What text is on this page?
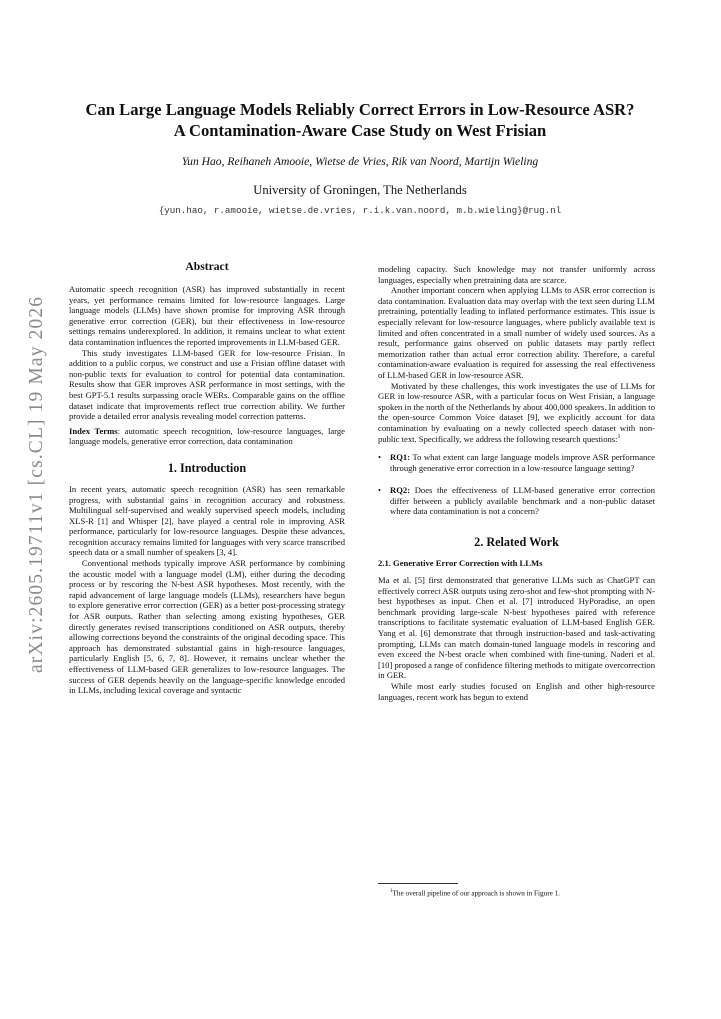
arXiv:2605.19711v1 [cs.CL] 19 May 2026
Can Large Language Models Reliably Correct Errors in Low-Resource ASR?
A Contamination-Aware Case Study on West Frisian
Yun Hao, Reihaneh Amooie, Wietse de Vries, Rik van Noord, Martijn Wieling
University of Groningen, The Netherlands
{yun.hao, r.amooie, wietse.de.vries, r.i.k.van.noord, m.b.wieling}@rug.nl
Abstract

Automatic speech recognition (ASR) has improved substantially in recent years, yet performance remains limited for low-resource languages. Large language models (LLMs) have shown promise for improving ASR through generative error correction (GER), but their effectiveness in low-resource settings remains underexplored. In addition, it remains unclear to what extent data contamination influences the reported improvements in LLM-based GER.

This study investigates LLM-based GER for low-resource Frisian. In addition to a public corpus, we construct and use a Frisian offline dataset with non-public texts for evaluation to control for potential data contamination. Results show that GER improves ASR performance in most settings, with the best GPT-5.1 results surpassing oracle WERs. Comparable gains on the offline dataset indicate that improvements reflect true correction ability. We further provide a detailed error analysis revealing model correction patterns.

Index Terms: automatic speech recognition, low-resource languages, large language models, generative error correction, data contamination

1. Introduction

In recent years, automatic speech recognition (ASR) has seen remarkable progress, with substantial gains in recognition accuracy and robustness. Multilingual self-supervised and weakly supervised speech models, including XLS-R [1] and Whisper [2], have played a central role in improving ASR performance, particularly for low-resource languages. Despite these advances, recognition accuracy remains limited for languages with very scarce transcribed speech data or a small number of speakers [3, 4].

Conventional methods typically improve ASR performance by combining the acoustic model with a language model (LM), either during the decoding process or by rescoring the N-best ASR hypotheses. Most recently, with the rapid advancement of large language models (LLMs), researchers have begun to explore generative error correction (GER) as a better post-processing strategy for ASR outputs. Rather than selecting among existing hypotheses, GER directly generates revised transcriptions conditioned on ASR outputs, thereby allowing corrections beyond the constraints of the original decoding space. This approach has demonstrated substantial gains in high-resource languages, particularly English [5, 6, 7, 8]. However, it remains unclear whether the effectiveness of LLM-based GER generalizes to low-resource languages. The success of GER depends heavily on the language-specific knowledge encoded in LLMs, including lexical coverage and syntactic

modeling capacity. Such knowledge may not transfer uniformly across languages, especially when pretraining data are scarce.

Another important concern when applying LLMs to ASR error correction is data contamination. Evaluation data may overlap with the text seen during LLM pretraining, potentially leading to inflated performance estimates. This issue is especially relevant for low-resource languages, where publicly available text is limited and often concentrated in a small number of widely used sources. As a result, performance gains observed on public datasets may partly reflect memorization rather than actual error correction ability. Therefore, a careful contamination-aware evaluation is required for assessing the real effectiveness of LLM-based GER in low-resource ASR.

Motivated by these challenges, this work investigates the use of LLMs for GER in low-resource ASR, with a particular focus on West Frisian, a language spoken in the north of the Netherlands by about 400,000 speakers. In addition to the open-source Common Voice dataset [9], we explicitly account for data contamination by evaluating on a newly collected speech dataset with non-public text. Specifically, we address the following research questions:$^1$

• RQ1: To what extent can large language models improve ASR performance through generative error correction in a low-resource language setting?
• RQ2: Does the effectiveness of LLM-based generative error correction differ between a publicly available benchmark and a non-public dataset where data contamination is not a concern?
2. Related Work
2.1. Generative Error Correction with LLMs

Ma et al. [5] first demonstrated that generative LLMs such as ChatGPT can effectively correct ASR outputs using zero-shot and few-shot prompting with N-best hypotheses as input. Chen et al. [7] introduced HyPoradise, an open benchmark providing large-scale N-best hypotheses paired with reference transcriptions to facilitate systematic evaluation of LLM-based English GER. Yang et al. [6] demonstrate that through instruction-based and task-activating prompting, LLMs can match domain-tuned language models in rescoring and even exceed the N-best oracle when combined with fine-tuning. Naderi et al. [10] proposed a range of confidence filtering methods to mitigate overcorrection in GER.

While most early studies focused on English and other high-resource languages, recent work has begun to extend

$^1$The overall pipeline of our approach is shown in Figure 1.
